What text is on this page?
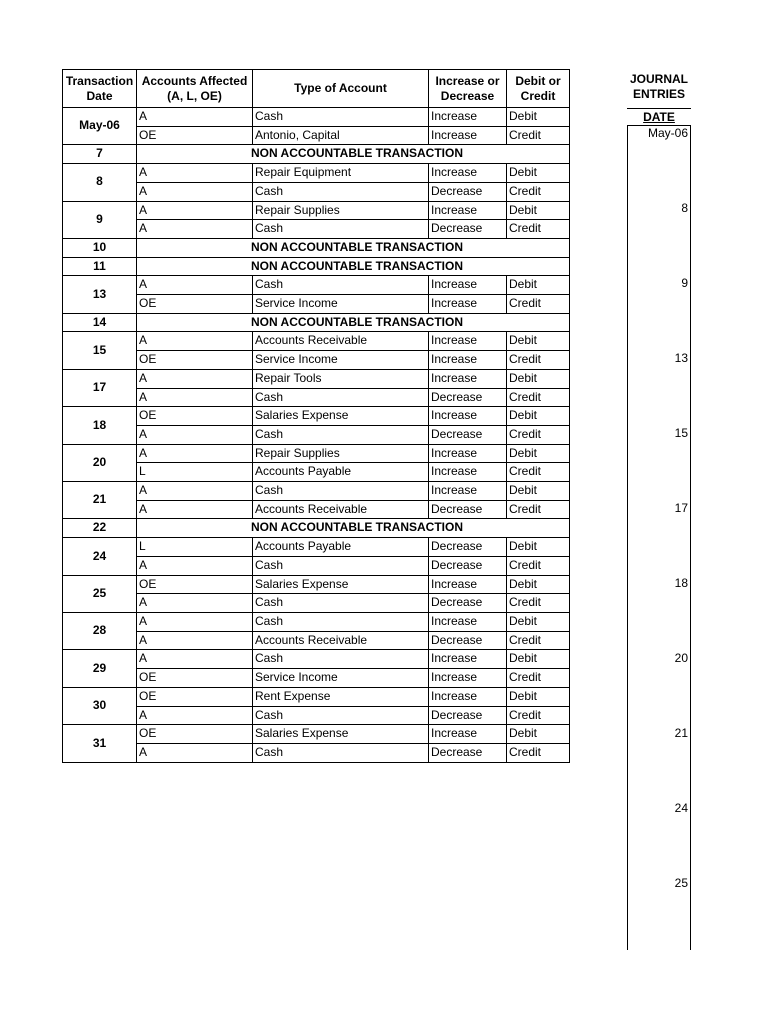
Transaction Date	Accounts Affected (A, L, OE)	Type of Account	Increase or Decrease	Debit or Credit
May-06	A	Cash	Increase	Debit
	OE	Antonio, Capital	Increase	Credit
7	NON ACCOUNTABLE TRANSACTION			
8	A	Repair Equipment	Increase	Debit
	A	Cash	Decrease	Credit
9	A	Repair Supplies	Increase	Debit
	A	Cash	Decrease	Credit
10	NON ACCOUNTABLE TRANSACTION			
11	NON ACCOUNTABLE TRANSACTION			
13	A	Cash	Increase	Debit
	OE	Service Income	Increase	Credit
14	NON ACCOUNTABLE TRANSACTION			
15	A	Accounts Receivable	Increase	Debit
	OE	Service Income	Increase	Credit
17	A	Repair Tools	Increase	Debit
	A	Cash	Decrease	Credit
18	OE	Salaries Expense	Increase	Debit
	A	Cash	Decrease	Credit
20	A	Repair Supplies	Increase	Debit
	L	Accounts Payable	Increase	Credit
21	A	Cash	Increase	Debit
	A	Accounts Receivable	Decrease	Credit
22	NON ACCOUNTABLE TRANSACTION			
24	L	Accounts Payable	Decrease	Debit
	A	Cash	Decrease	Credit
25	OE	Salaries Expense	Increase	Debit
	A	Cash	Decrease	Credit
28	A	Cash	Increase	Debit
	A	Accounts Receivable	Decrease	Credit
29	A	Cash	Increase	Debit
	OE	Service Income	Increase	Credit
30	OE	Rent Expense	Increase	Debit
	A	Cash	Decrease	Credit
31	OE	Salaries Expense	Increase	Debit
	A	Cash	Decrease	Credit
JOURNAL
ENTRIES
DATE
May-06
8
9
13
15
17
18
20
21
24
25
